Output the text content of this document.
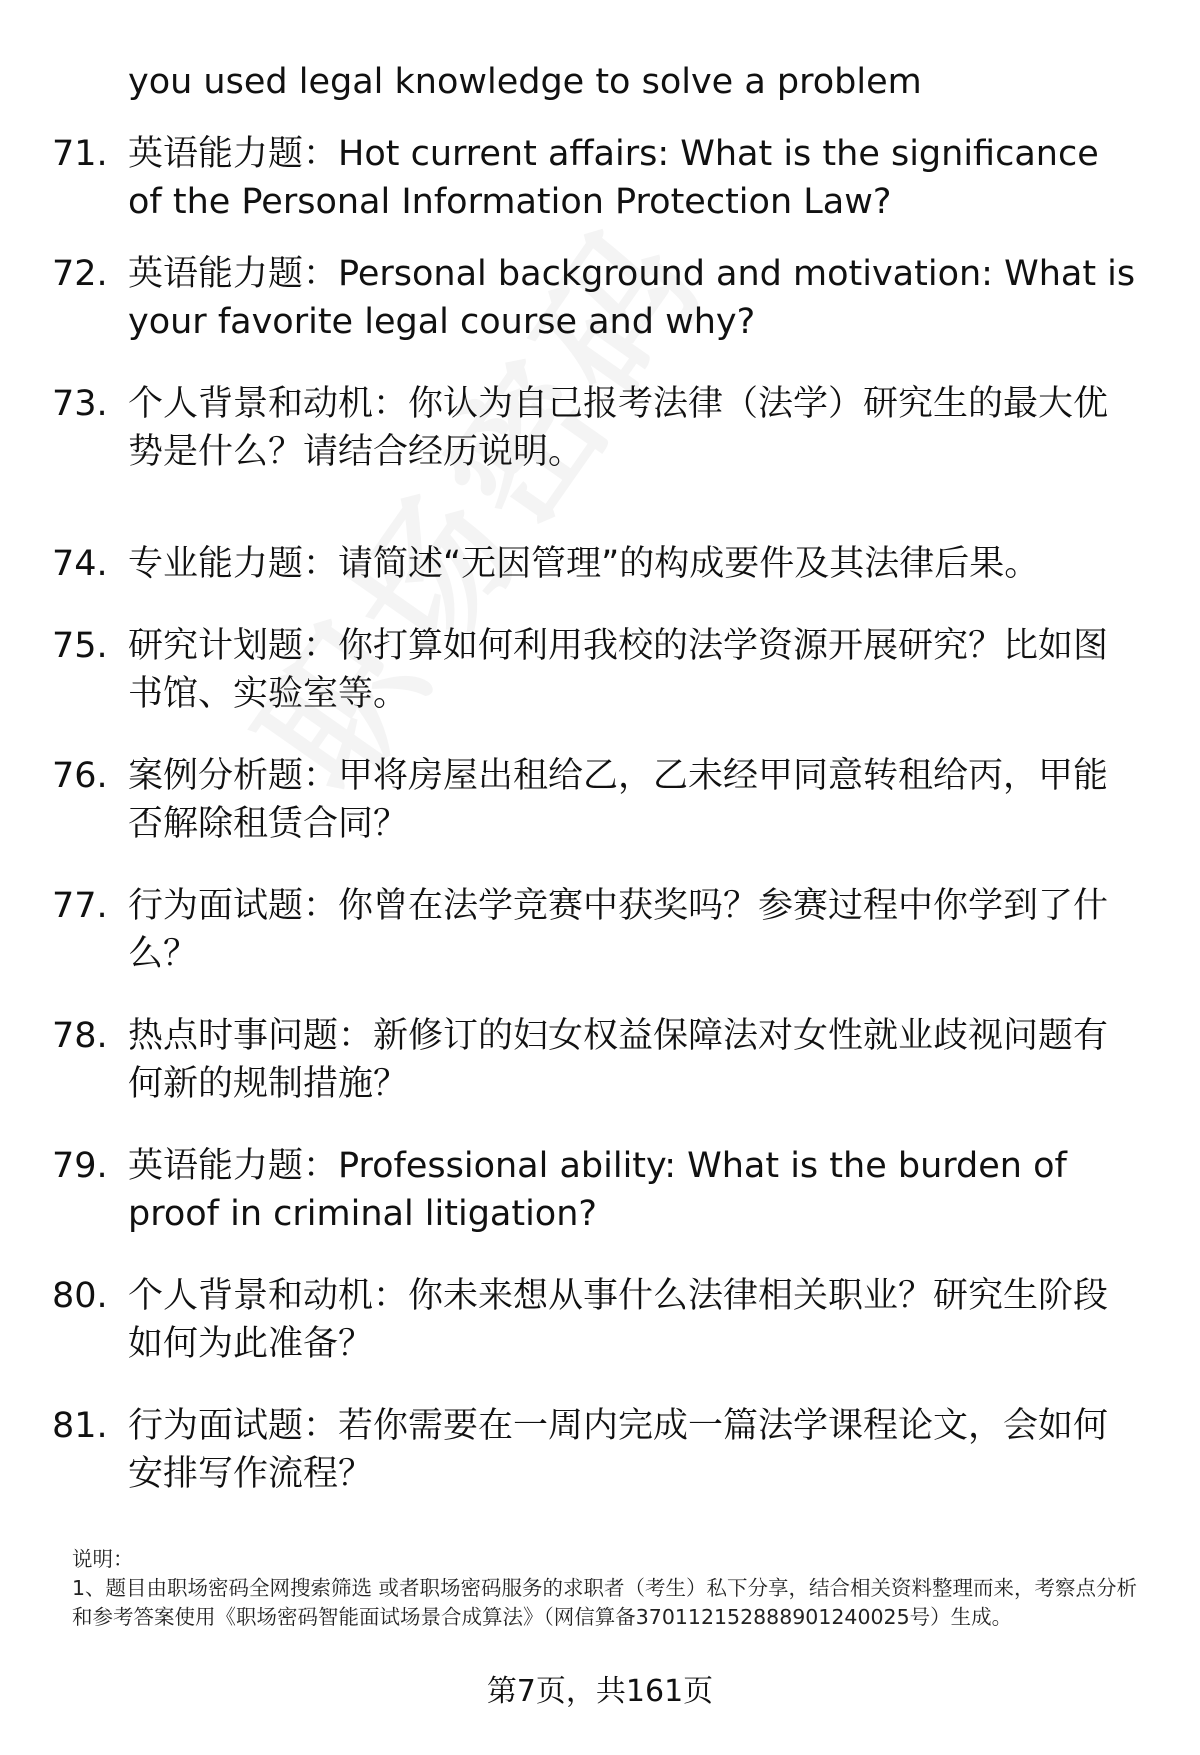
you used legal knowledge to solve a problem
71. 英语能力题：Hot current affairs: What is the significance of the Personal Information Protection Law?
72. 英语能力题：Personal background and motivation: What is your favorite legal course and why?
73. 个人背景和动机：你认为自己报考法律（法学）研究生的最大优势是什么？请结合经历说明。
74. 专业能力题：请简述“无因管理”的构成要件及其法律后果。
75. 研究计划题：你打算如何利用我校的法学资源开展研究？比如图书馆、实验室等。
76. 案例分析题：甲将房屋出租给乙，乙未经甲同意转租给丙，甲能否解除租赁合同？
77. 行为面试题：你曾在法学竞赛中获奖吗？参赛过程中你学到了什么？
78. 热点时事问题：新修订的妇女权益保障法对女性就业歧视问题有何新的规制措施？
79. 英语能力题：Professional ability: What is the burden of proof in criminal litigation?
80. 个人背景和动机：你未来想从事什么法律相关职业？研究生阶段如何为此准备？
81. 行为面试题：若你需要在一周内完成一篇法学课程论文，会如何安排写作流程？
说明：
1、题目由职场密码全网搜索筛选 或者职场密码服务的求职者（考生）私下分享，结合相关资料整理而来，考察点分析和参考答案使用《职场密码智能面试场景合成算法》（网信算备370112152888901240025号）生成。
第7页，共161页
